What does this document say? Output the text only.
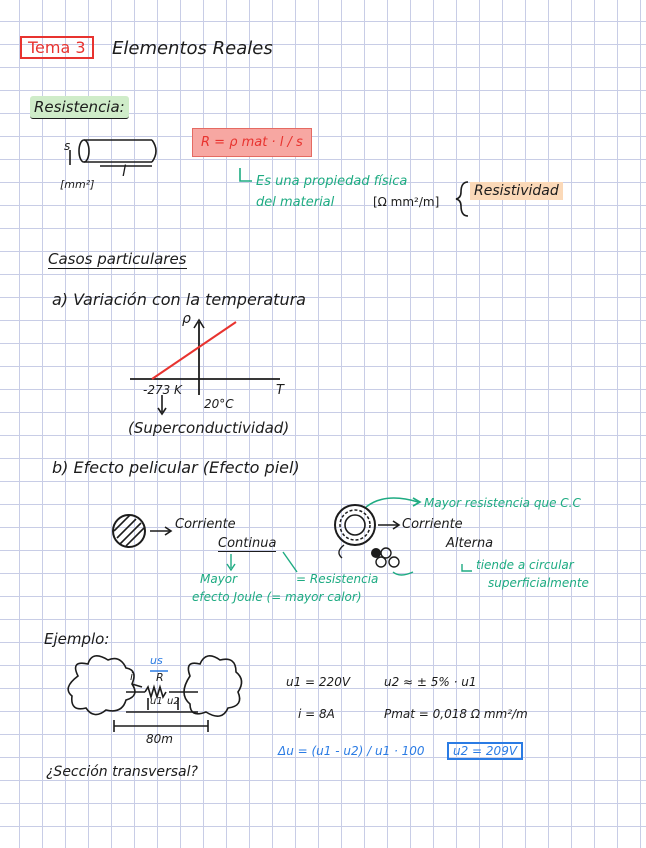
Tema 3	Elementos Reales
Resistencia:
s
l
[mm²]
R = ρ mat · l / s
Es una propiedad física
del material	[Ω mm²/m]
Resistividad
Casos particulares
a) Variación con la temperatura
ρ
T
-273 K
20°C
(Superconductividad)
b) Efecto pelicular (Efecto piel)
Corriente
Continua
Mayor
efecto Joule (= mayor calor)
= Resistencia
Corriente
Alterna
Mayor resistencia que C.C
tiende a circular
superficialmente
Ejemplo:
us
i R
u1 u2
80m
u1 = 220V	u2 ≈ ± 5% · u1
i = 8A	Pmat = 0,018 Ω mm²/m
Δu = (u1 - u2) / u1 · 100	u2 = 209V
¿Sección transversal?
